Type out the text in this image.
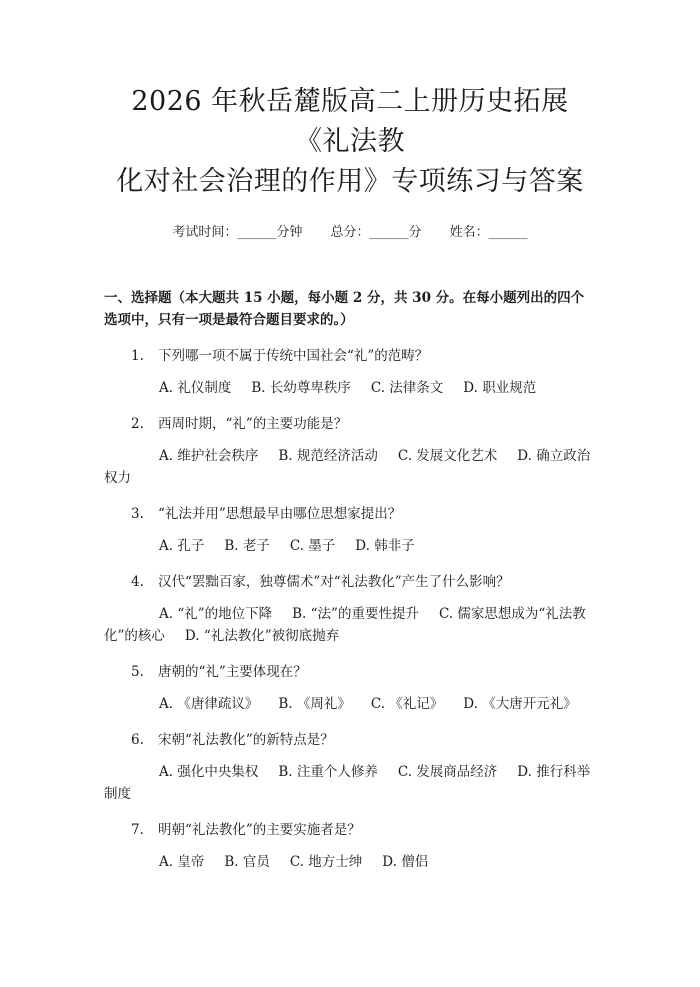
2026 年秋岳麓版高二上册历史拓展《礼法教
化对社会治理的作用》专项练习与答案
考试时间：______分钟 总分：______分 姓名：______
一、选择题（本大题共 15 小题，每小题 2 分，共 30 分。在每小题列出的四个选项中，只有一项是最符合题目要求的。）
1. 下列哪一项不属于传统中国社会“礼”的范畴？
A. 礼仪制度 B. 长幼尊卑秩序 C. 法律条文 D. 职业规范
2. 西周时期，“礼”的主要功能是？
A. 维护社会秩序 B. 规范经济活动 C. 发展文化艺术 D. 确立政治权力
3. “礼法并用”思想最早由哪位思想家提出？
A. 孔子 B. 老子 C. 墨子 D. 韩非子
4. 汉代“罢黜百家，独尊儒术”对“礼法教化”产生了什么影响？
A. “礼”的地位下降 B. “法”的重要性提升 C. 儒家思想成为“礼法教化”的核心 D. “礼法教化”被彻底抛弃
5. 唐朝的“礼”主要体现在？
A. 《唐律疏议》 B. 《周礼》 C. 《礼记》 D. 《大唐开元礼》
6. 宋朝“礼法教化”的新特点是？
A. 强化中央集权 B. 注重个人修养 C. 发展商品经济 D. 推行科举制度
7. 明朝“礼法教化”的主要实施者是？
A. 皇帝 B. 官员 C. 地方士绅 D. 僧侣
